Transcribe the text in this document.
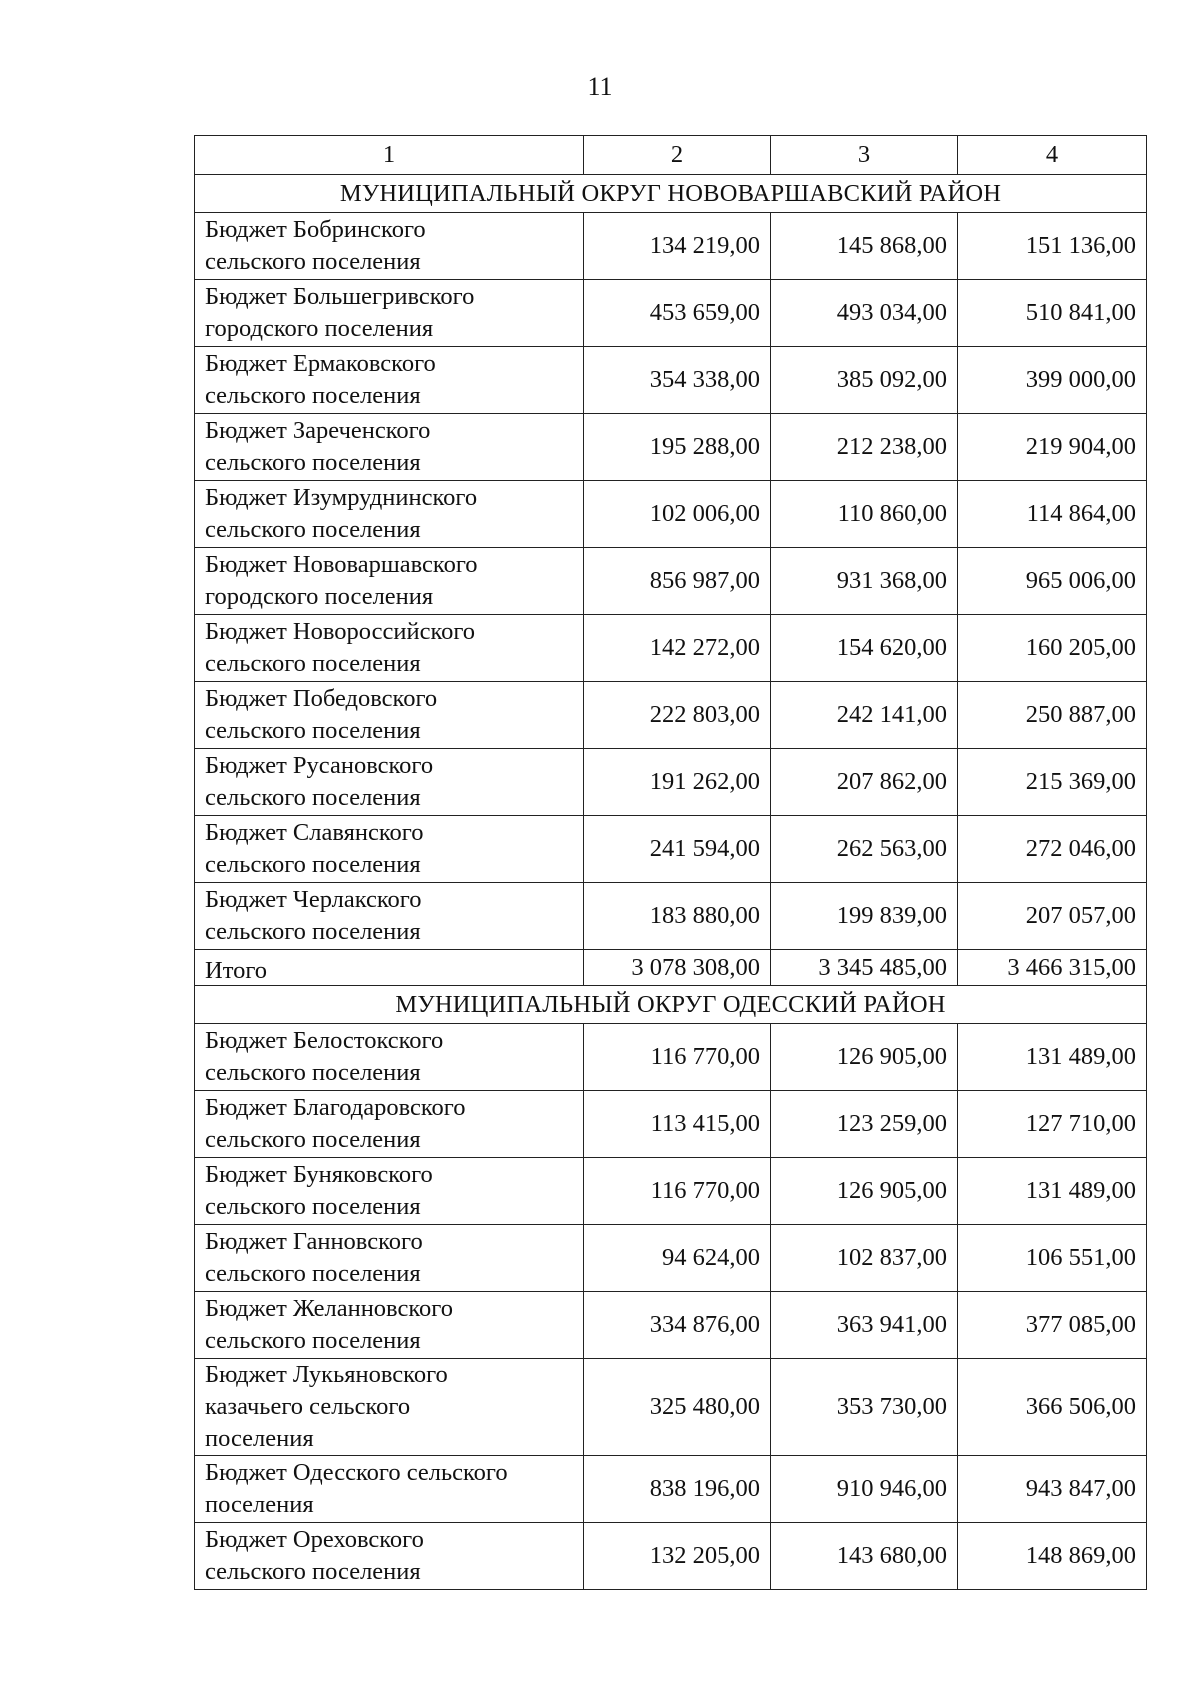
11
1	2	3	4
МУНИЦИПАЛЬНЫЙ ОКРУГ НОВОВАРШАВСКИЙ РАЙОН			

Бюджет Бобринского
сельского поселения	134 219,00	145 868,00	151 136,00

Бюджет Большегривского
городского поселения	453 659,00	493 034,00	510 841,00

Бюджет Ермаковского
сельского поселения	354 338,00	385 092,00	399 000,00

Бюджет Зареченского
сельского поселения	195 288,00	212 238,00	219 904,00

Бюджет Изумруднинского
сельского поселения	102 006,00	110 860,00	114 864,00

Бюджет Нововаршавского
городского поселения	856 987,00	931 368,00	965 006,00

Бюджет Новороссийского
сельского поселения	142 272,00	154 620,00	160 205,00

Бюджет Победовского
сельского поселения	222 803,00	242 141,00	250 887,00

Бюджет Русановского
сельского поселения	191 262,00	207 862,00	215 369,00

Бюджет Славянского
сельского поселения	241 594,00	262 563,00	272 046,00

Бюджет Черлакского
сельского поселения	183 880,00	199 839,00	207 057,00
Итого	3 078 308,00	3 345 485,00	3 466 315,00
МУНИЦИПАЛЬНЫЙ ОКРУГ ОДЕССКИЙ РАЙОН			

Бюджет Белостокского
сельского поселения	116 770,00	126 905,00	131 489,00

Бюджет Благодаровского
сельского поселения	113 415,00	123 259,00	127 710,00

Бюджет Буняковского
сельского поселения	116 770,00	126 905,00	131 489,00

Бюджет Ганновского
сельского поселения	94 624,00	102 837,00	106 551,00

Бюджет Желанновского
сельского поселения	334 876,00	363 941,00	377 085,00

Бюджет Лукьяновского
казачьего сельского
поселения	325 480,00	353 730,00	366 506,00

Бюджет Одесского сельского
поселения	838 196,00	910 946,00	943 847,00

Бюджет Ореховского
сельского поселения	132 205,00	143 680,00	148 869,00
